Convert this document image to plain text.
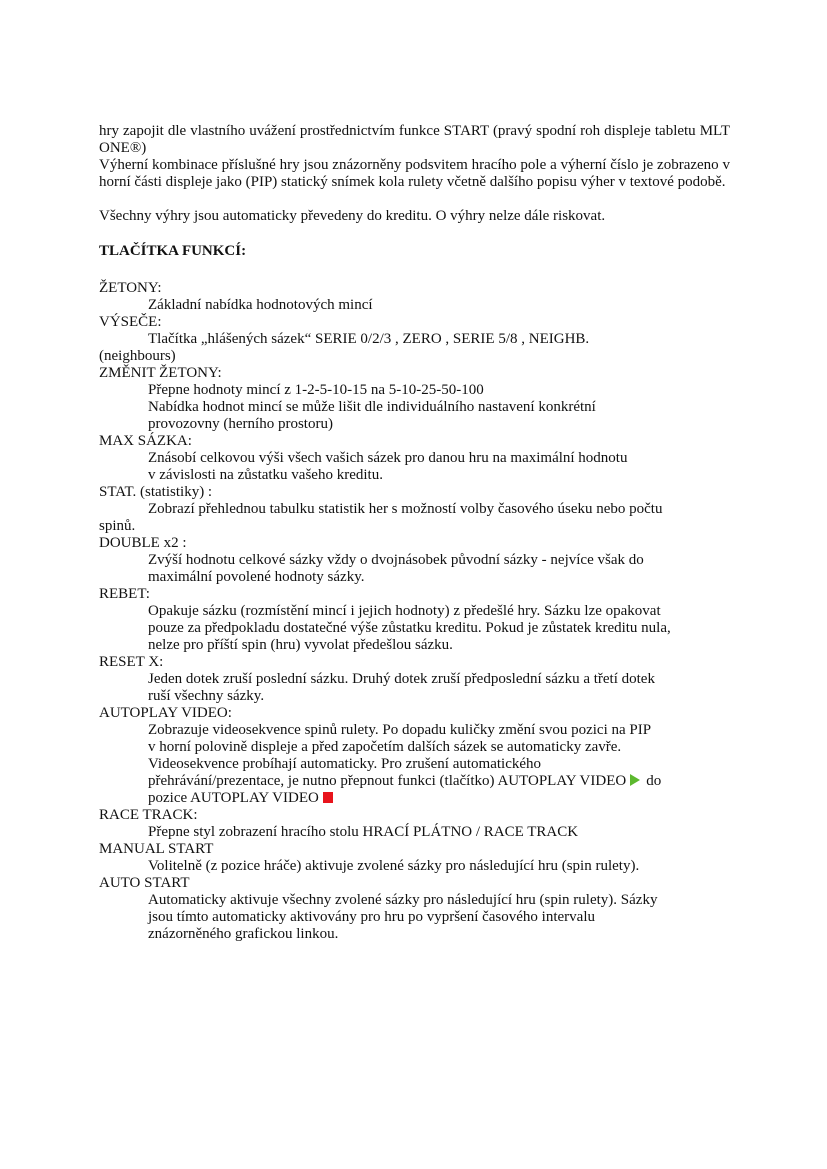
hry zapojit dle vlastního uvážení prostřednictvím funkce START (pravý spodní roh displeje tabletu MLT ONE®)

Výherní kombinace příslušné hry jsou znázorněny podsvitem hracího pole a výherní číslo je zobrazeno v horní části displeje jako (PIP) statický snímek kola rulety včetně dalšího popisu výher v textové podobě.

Všechny výhry jsou automaticky převedeny do kreditu. O výhry nelze dále riskovat.

TLAČÍTKA FUNKCÍ:

ŽETONY:

Základní nabídka hodnotových mincí

VÝSEČE:

Tlačítka „hlášených sázek“ SERIE 0/2/3 , ZERO , SERIE 5/8 , NEIGHB.

(neighbours)

ZMĚNIT ŽETONY:

Přepne hodnoty mincí z 1-2-5-10-15 na 5-10-25-50-100

Nabídka hodnot mincí se může lišit dle individuálního nastavení konkrétní

provozovny (herního prostoru)

MAX SÁZKA:

Znásobí celkovou výši všech vašich sázek pro danou hru na maximální hodnotu

v závislosti na zůstatku vašeho kreditu.

STAT. (statistiky) :

Zobrazí přehlednou tabulku statistik her s možností volby časového úseku nebo počtu

spinů.

DOUBLE x2 :

Zvýší hodnotu celkové sázky vždy o dvojnásobek původní sázky - nejvíce však do

maximální povolené hodnoty sázky.

REBET:

Opakuje sázku (rozmístění mincí i jejich hodnoty) z předešlé hry. Sázku lze opakovat

pouze za předpokladu dostatečné výše zůstatku kreditu. Pokud je zůstatek kreditu nula,

nelze pro příští spin (hru) vyvolat předešlou sázku.

RESET X:

Jeden dotek zruší poslední sázku. Druhý dotek zruší předposlední sázku a třetí dotek

ruší všechny sázky.

AUTOPLAY VIDEO:

Zobrazuje videosekvence spinů rulety. Po dopadu kuličky změní svou pozici na PIP

v horní polovině displeje a před započetím dalších sázek se automaticky zavře.

Videosekvence probíhají automaticky. Pro zrušení automatického

přehrávání/prezentace, je nutno přepnout funkci (tlačítko) AUTOPLAY VIDEO do

pozice AUTOPLAY VIDEO

RACE TRACK:

Přepne styl zobrazení hracího stolu HRACÍ PLÁTNO / RACE TRACK

MANUAL START

Volitelně (z pozice hráče) aktivuje zvolené sázky pro následující hru (spin rulety).

AUTO START

Automaticky aktivuje všechny zvolené sázky pro následující hru (spin rulety). Sázky

jsou tímto automaticky aktivovány pro hru po vypršení časového intervalu

znázorněného grafickou linkou.
